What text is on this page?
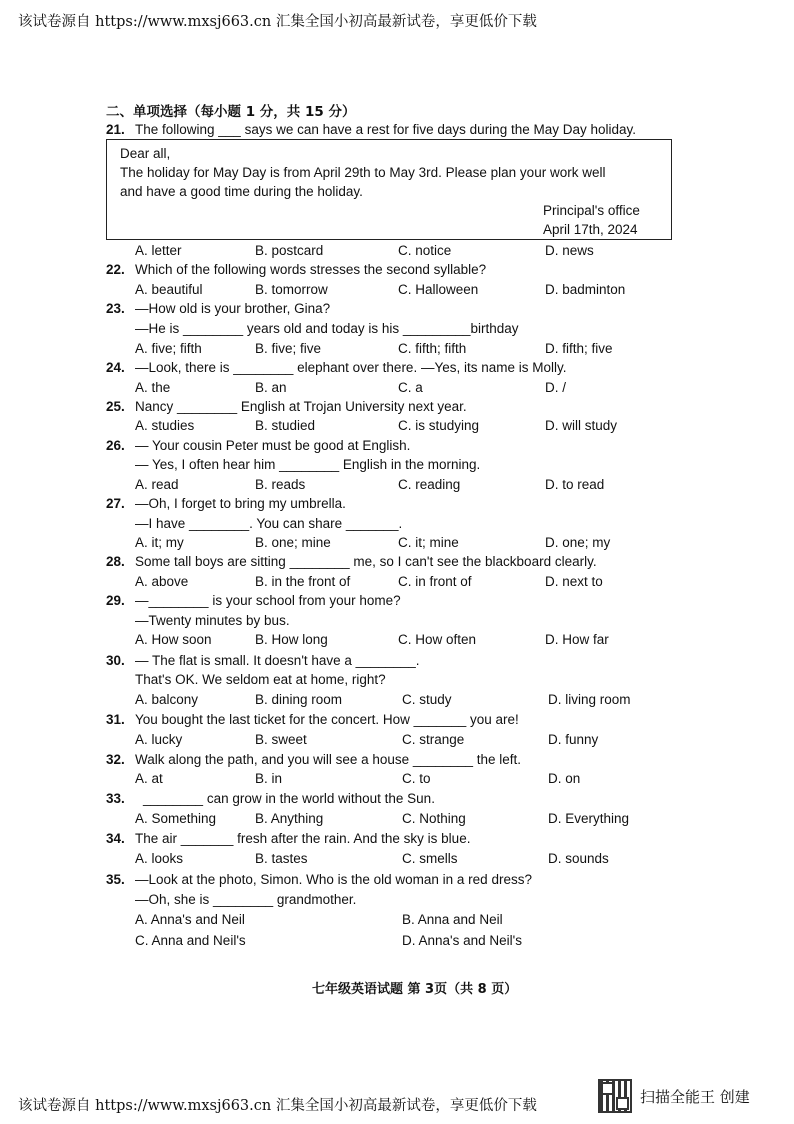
该试卷源自 https://www.mxsj663.cn 汇集全国小初高最新试卷，享更低价下载
二、单项选择（每小题 1 分，共 15 分）
21. The following ___ says we can have a rest for five days during the May Day holiday.
Dear all,
The holiday for May Day is from April 29th to May 3rd. Please plan your work well
and have a good time during the holiday.
Principal's office
April 17th, 2024
A. letter	B. postcard	C. notice	D. news
22. Which of the following words stresses the second syllable?
A. beautiful	B. tomorrow	C. Halloween	D. badminton
23. —How old is your brother, Gina?
—He is ________ years old and today is his _________birthday
A. five; fifth	B. five; five	C. fifth; fifth	D. fifth; five
24. —Look, there is ________ elephant over there. —Yes, its name is Molly.
A. the	B. an	C. a	D. /
25. Nancy ________ English at Trojan University next year.
A. studies	B. studied	C. is studying	D. will study
26. — Your cousin Peter must be good at English.
— Yes, I often hear him ________ English in the morning.
A. read	B. reads	C. reading	D. to read
27. —Oh, I forget to bring my umbrella.
—I have ________. You can share _______.
A. it; my	B. one; mine	C. it; mine	D. one; my
28. Some tall boys are sitting ________ me, so I can't see the blackboard clearly.
A. above	B. in the front of	C. in front of	D. next to
29. —________ is your school from your home?
—Twenty minutes by bus.
A. How soon	B. How long	C. How often	D. How far
30. — The flat is small. It doesn't have a ________.
That's OK. We seldom eat at home, right?
A. balcony	B. dining room	C. study	D. living room
31. You bought the last ticket for the concert. How _______ you are!
A. lucky	B. sweet	C. strange	D. funny
32. Walk along the path, and you will see a house ________ the left.
A. at	B. in	C. to	D. on
33. ________ can grow in the world without the Sun.
A. Something	B. Anything	C. Nothing	D. Everything
34. The air _______ fresh after the rain. And the sky is blue.
A. looks	B. tastes	C. smells	D. sounds
35. —Look at the photo, Simon. Who is the old woman in a red dress?
—Oh, she is ________ grandmother.
A. Anna's and Neil	B. Anna and Neil
C. Anna and Neil's	D. Anna's and Neil's
七年级英语试题 第 3页（共 8 页）
该试卷源自 https://www.mxsj663.cn 汇集全国小初高最新试卷，享更低价下载
扫描全能王 创建
